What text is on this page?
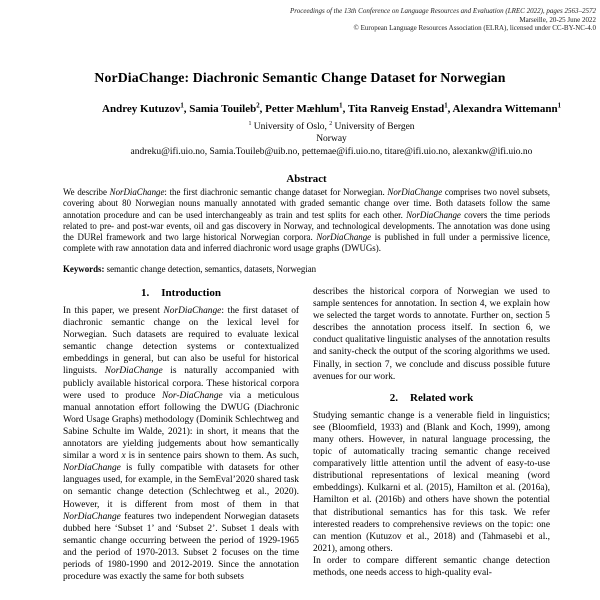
Proceedings of the 13th Conference on Language Resources and Evaluation (LREC 2022), pages 2563–2572
Marseille, 20-25 June 2022
© European Language Resources Association (ELRA), licensed under CC-BY-NC-4.0
NorDiaChange: Diachronic Semantic Change Dataset for Norwegian
Andrey Kutuzov$^1$, Samia Touileb$^2$, Petter Mæhlum$^1$, Tita Ranveig Enstad$^1$, Alexandra Wittemann$^1$
$^1$ University of Oslo, $^2$ University of Bergen
Norway
andreku@ifi.uio.no, Samia.Touileb@uib.no, pettemae@ifi.uio.no, titare@ifi.uio.no, alexankw@ifi.uio.no
Abstract
We describe NorDiaChange: the first diachronic semantic change dataset for Norwegian. NorDiaChange comprises two novel subsets, covering about 80 Norwegian nouns manually annotated with graded semantic change over time. Both datasets follow the same annotation procedure and can be used interchangeably as train and test splits for each other. NorDiaChange covers the time periods related to pre- and post-war events, oil and gas discovery in Norway, and technological developments. The annotation was done using the DURel framework and two large historical Norwegian corpora. NorDiaChange is published in full under a permissive licence, complete with raw annotation data and inferred diachronic word usage graphs (DWUGs).
Keywords: semantic change detection, semantics, datasets, Norwegian
1. Introduction

In this paper, we present NorDiaChange: the first dataset of diachronic semantic change on the lexical level for Norwegian. Such datasets are required to evaluate lexical semantic change detection systems or contextualized embeddings in general, but can also be useful for historical linguists. NorDiaChange is naturally accompanied with publicly available historical corpora. These historical corpora were used to produce Nor-DiaChange via a meticulous manual annotation effort following the DWUG (Diachronic Word Usage Graphs) methodology (Dominik Schlechtweg and Sabine Schulte im Walde, 2021): in short, it means that the annotators are yielding judgements about how semantically similar a word x is in sentence pairs shown to them. As such, NorDiaChange is fully compatible with datasets for other languages used, for example, in the SemEval’2020 shared task on semantic change detection (Schlechtweg et al., 2020). However, it is different from most of them in that NorDiaChange features two independent Norwegian datasets dubbed here ‘Subset 1’ and ‘Subset 2’. Subset 1 deals with semantic change occurring between the period of 1929-1965 and the period of 1970-2013. Subset 2 focuses on the time periods of 1980-1990 and 2012-2019. Since the annotation procedure was exactly the same for both subsets

describes the historical corpora of Norwegian we used to sample sentences for annotation. In section 4, we explain how we selected the target words to annotate. Further on, section 5 describes the annotation process itself. In section 6, we conduct qualitative linguistic analyses of the annotation results and sanity-check the output of the scoring algorithms we used. Finally, in section 7, we conclude and discuss possible future avenues for our work.

2. Related work

Studying semantic change is a venerable field in linguistics; see (Bloomfield, 1933) and (Blank and Koch, 1999), among many others. However, in natural language processing, the topic of automatically tracing semantic change received comparatively little attention until the advent of easy-to-use distributional representations of lexical meaning (word embeddings). Kulkarni et al. (2015), Hamilton et al. (2016a), Hamilton et al. (2016b) and others have shown the potential that distributional semantics has for this task. We refer interested readers to comprehensive reviews on the topic: one can mention (Kutuzov et al., 2018) and (Tahmasebi et al., 2021), among others.

In order to compare different semantic change detection methods, one needs access to high-quality eval-
